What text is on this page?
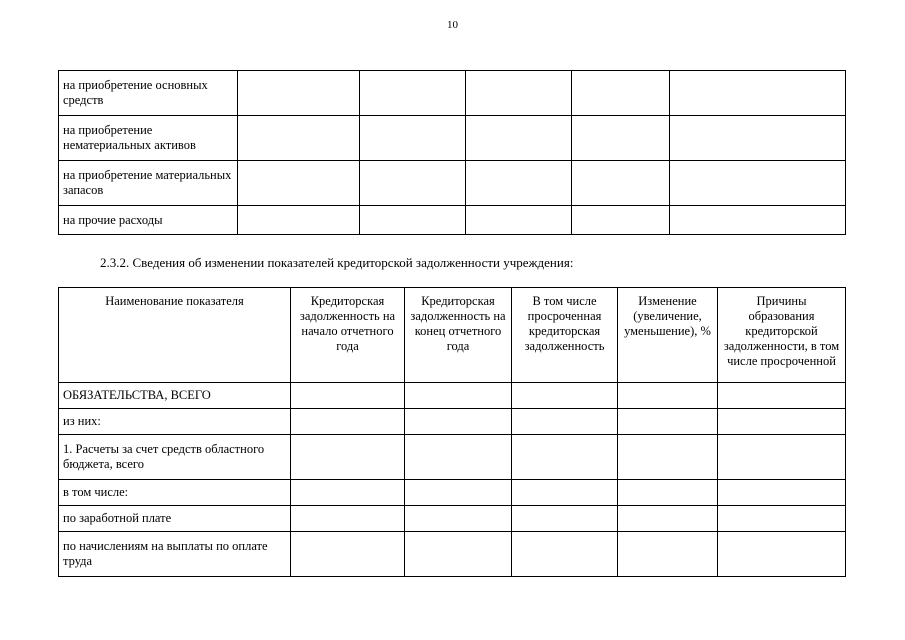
10
на приобретение основных средств					
на приобретение нематериальных активов					
на приобретение материальных запасов					
на прочие расходы					
2.3.2. Сведения об изменении показателей кредиторской задолженности учреждения:
Наименование показателя	Кредиторская задолженность на начало отчетного года	Кредиторская задолженность на конец отчетного года	В том числе просроченная кредиторская задолженность	Изменение (увеличение, уменьшение), %	Причины образования кредиторской задолженности, в том числе просроченной
ОБЯЗАТЕЛЬСТВА, ВСЕГО					
из них:					
1. Расчеты за счет средств областного бюджета, всего					
в том числе:					
по заработной плате					
по начислениям на выплаты по оплате труда					
